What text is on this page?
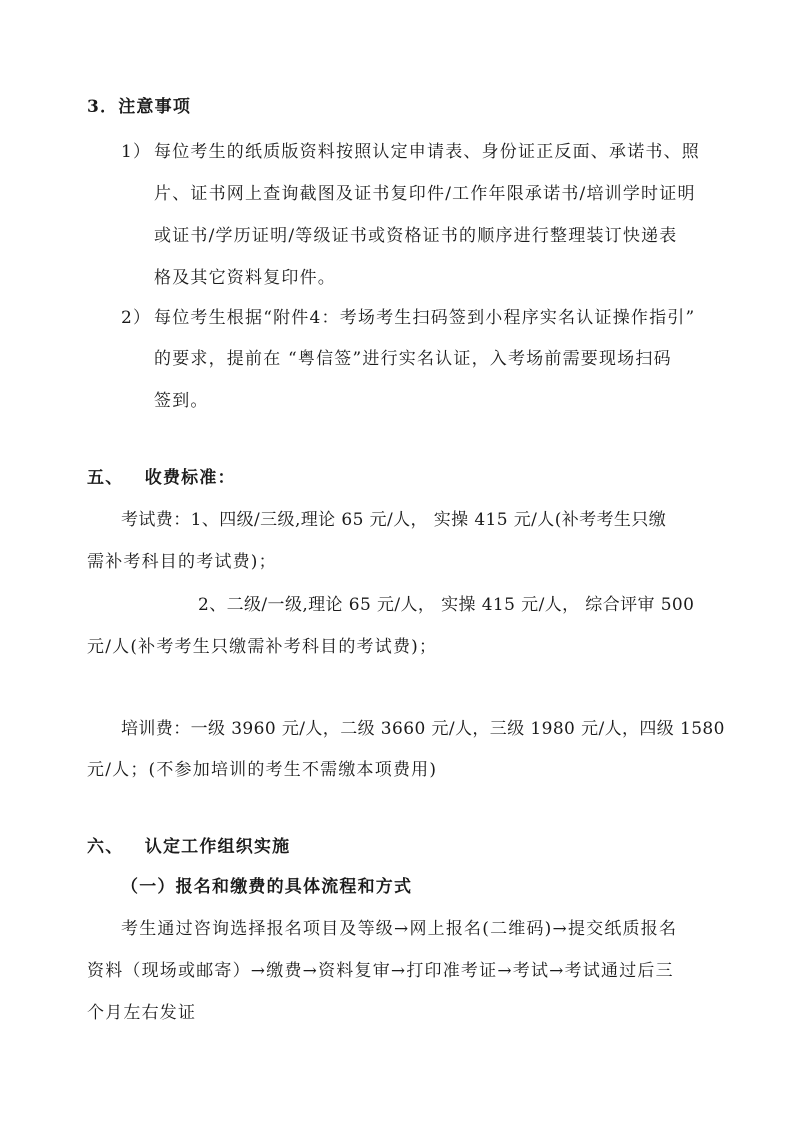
3．注意事项
1） 每位考生的纸质版资料按照认定申请表、身份证正反面、承诺书、照
片、证书网上查询截图及证书复印件/工作年限承诺书/培训学时证明
或证书/学历证明/等级证书或资格证书的顺序进行整理装订快递表
格及其它资料复印件。
2） 每位考生根据“附件4：考场考生扫码签到小程序实名认证操作指引”
的要求，提前在 “粤信签”进行实名认证，入考场前需要现场扫码
签到。
五、   收费标准：
考试费：1、四级/三级,理论 65 元/人， 实操 415 元/人(补考考生只缴
需补考科目的考试费)；
2、二级/一级,理论 65 元/人， 实操 415 元/人， 综合评审 500
元/人(补考考生只缴需补考科目的考试费)；
培训费：一级 3960 元/人，二级 3660 元/人，三级 1980 元/人，四级 1580
元/人；(不参加培训的考生不需缴本项费用)
六、   认定工作组织实施
（一）报名和缴费的具体流程和方式
考生通过咨询选择报名项目及等级→网上报名(二维码)→提交纸质报名
资料（现场或邮寄）→缴费→资料复审→打印准考证→考试→考试通过后三
个月左右发证
